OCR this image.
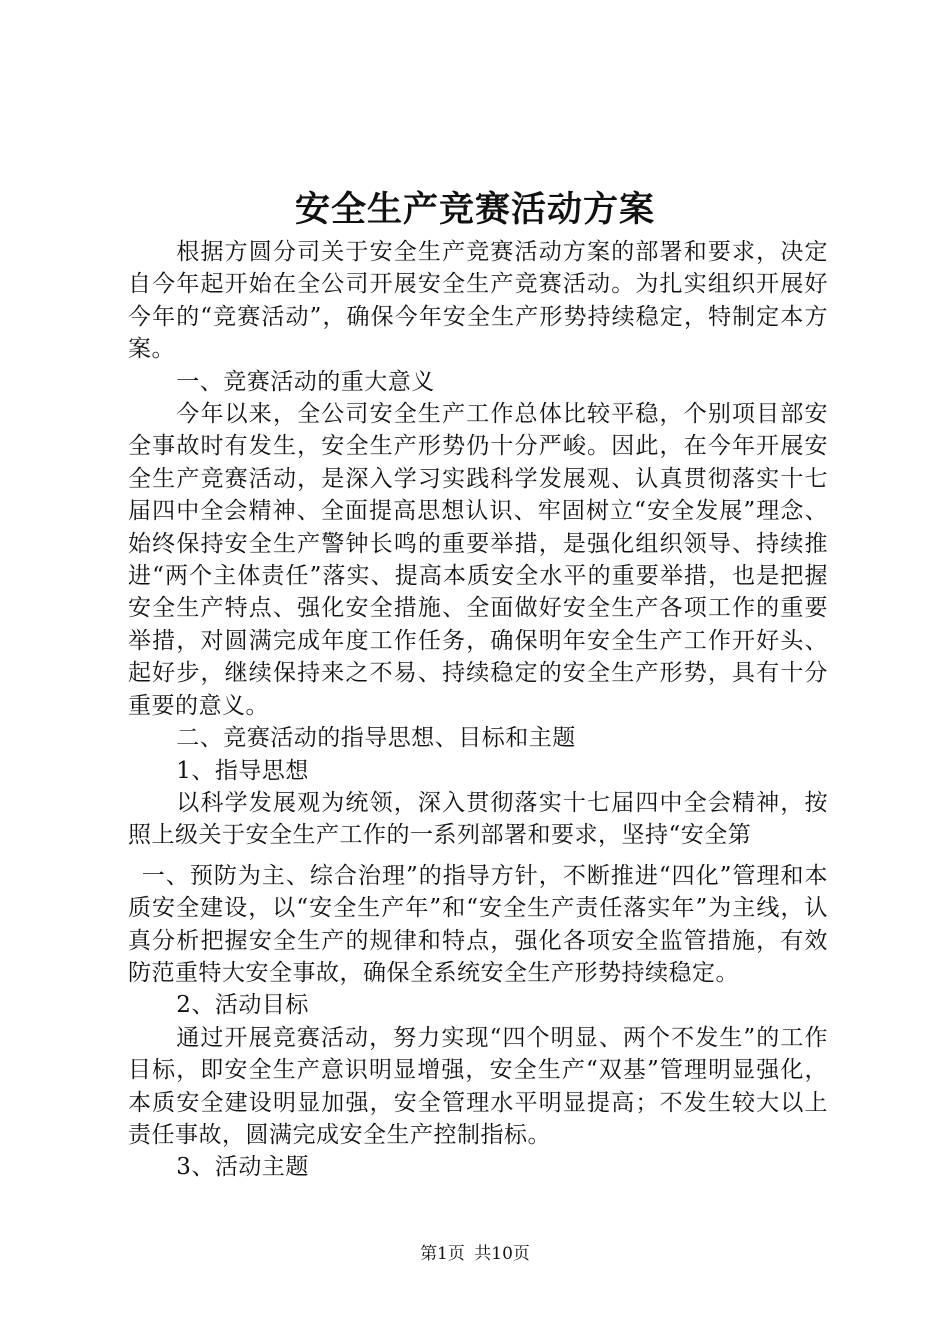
安全生产竞赛活动方案

根据方圆分司关于安全生产竞赛活动方案的部署和要求，决定自今年起开始在全公司开展安全生产竞赛活动。为扎实组织开展好今年的“竞赛活动”，确保今年安全生产形势持续稳定，特制定本方案。

一、竞赛活动的重大意义

今年以来，全公司安全生产工作总体比较平稳，个别项目部安全事故时有发生，安全生产形势仍十分严峻。因此，在今年开展安全生产竞赛活动，是深入学习实践科学发展观、认真贯彻落实十七届四中全会精神、全面提高思想认识、牢固树立“安全发展”理念、始终保持安全生产警钟长鸣的重要举措，是强化组织领导、持续推进“两个主体责任”落实、提高本质安全水平的重要举措，也是把握安全生产特点、强化安全措施、全面做好安全生产各项工作的重要举措，对圆满完成年度工作任务，确保明年安全生产工作开好头、起好步，继续保持来之不易、持续稳定的安全生产形势，具有十分重要的意义。

二、竞赛活动的指导思想、目标和主题

1、指导思想

以科学发展观为统领，深入贯彻落实十七届四中全会精神，按照上级关于安全生产工作的一系列部署和要求，坚持“安全第

一、预防为主、综合治理”的指导方针，不断推进“四化”管理和本质安全建设，以“安全生产年”和“安全生产责任落实年”为主线，认真分析把握安全生产的规律和特点，强化各项安全监管措施，有效防范重特大安全事故，确保全系统安全生产形势持续稳定。

2、活动目标

通过开展竞赛活动，努力实现“四个明显、两个不发生”的工作目标，即安全生产意识明显增强，安全生产“双基”管理明显强化，本质安全建设明显加强，安全管理水平明显提高；不发生较大以上责任事故，圆满完成安全生产控制指标。

3、活动主题

第1页 共10页
